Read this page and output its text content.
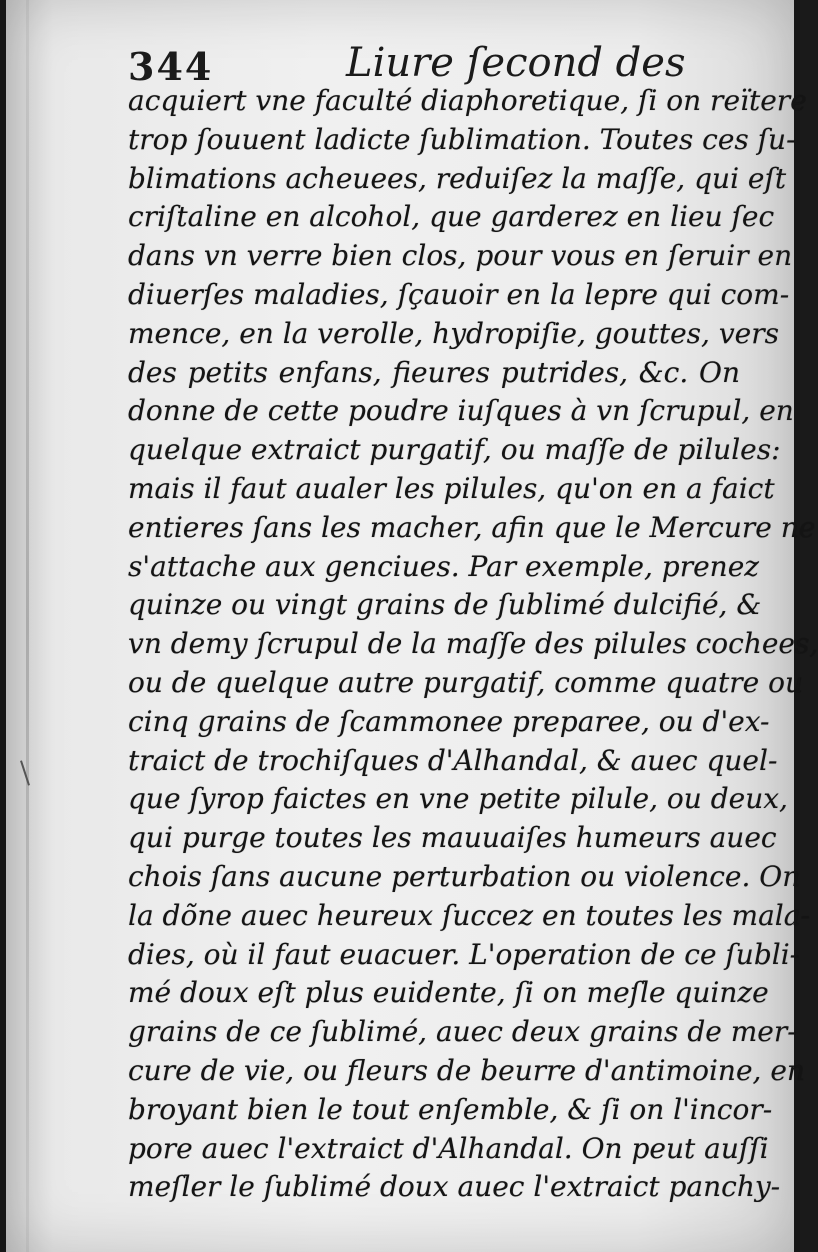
344	Liure ſecond des
acquiert vne faculté diaphoretique, ſi on reïtere
trop ſouuent ladicte ſublimation. Toutes ces ſu-
blimations acheuees, reduiſez la maſſe, qui eſt
criſtaline en alcohol, que garderez en lieu ſec
dans vn verre bien clos, pour vous en ſeruir en
diuerſes maladies, ſçauoir en la lepre qui com-
mence, en la verolle, hydropiſie, gouttes, vers
des petits enfans, fieures putrides, &c. On
donne de cette poudre iuſques à vn ſcrupul, en
quelque extraict purgatif, ou maſſe de pilules:
mais il faut aualer les pilules, qu'on en a faict
entieres ſans les macher, afin que le Mercure ne
s'attache aux genciues. Par exemple, prenez
quinze ou vingt grains de ſublimé dulcifié, &
vn demy ſcrupul de la maſſe des pilules cochees,
ou de quelque autre purgatif, comme quatre ou
cinq grains de ſcammonee preparee, ou d'ex-
traict de trochiſques d'Alhandal, & auec quel-
que ſyrop faictes en vne petite pilule, ou deux,
qui purge toutes les mauuaiſes humeurs auec
chois ſans aucune perturbation ou violence. On
la dõne auec heureux ſuccez en toutes les mala-
dies, où il faut euacuer. L'operation de ce ſubli-
mé doux eſt plus euidente, ſi on meſle quinze
grains de ce ſublimé, auec deux grains de mer-
cure de vie, ou fleurs de beurre d'antimoine, en
broyant bien le tout enſemble, & ſi on l'incor-
pore auec l'extraict d'Alhandal. On peut auſſi
meſler le ſublimé doux auec l'extraict panchy-
